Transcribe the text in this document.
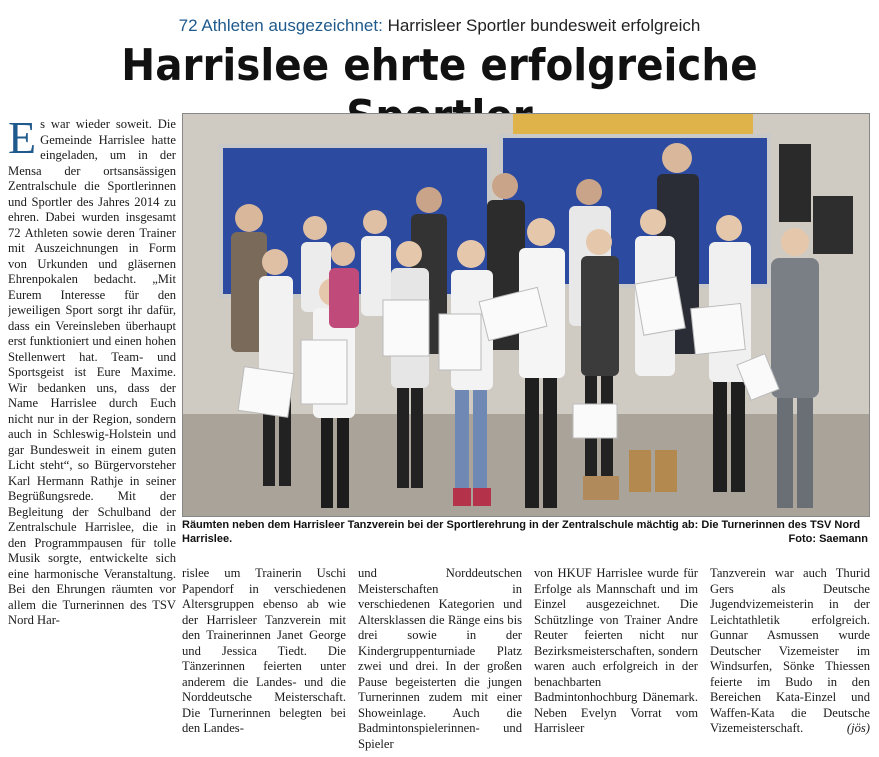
72 Athleten ausgezeichnet: Harrisleer Sportler bundesweit erfolgreich
Harrislee ehrte erfolgreiche
E s war wieder soweit. Die Gemeinde Harrislee hatte eingeladen, um in der Mensa der ortsansässigen Zentralschule die Sportlerinnen und Sportler des Jahres 2014 zu ehren. Dabei wurden insgesamt 72 Athleten sowie deren Trainer mit Auszeichnungen in Form von Urkunden und gläsernen Ehrenpokalen bedacht. „Mit Eurem Interesse für den jeweiligen Sport sorgt ihr dafür, dass ein Vereinsleben überhaupt erst funktioniert und einen hohen Stellenwert hat. Team- und Sportsgeist ist Eure Maxime. Wir bedanken uns, dass der Name Harrislee durch Euch nicht nur in der Region, sondern auch in Schleswig-Holstein und gar Bundesweit in einem guten Licht steht“, so Bürgervorsteher Karl Hermann Rathje in seiner Begrüßungsrede. Mit der Begleitung der Schulband der Zentralschule Harrislee, die in den Programmpausen für tolle Musik sorgte, entwickelte sich eine harmonische Veranstaltung. Bei den Ehrungen räumten vor allem die Turnerinnen des TSV Nord Har-
Räumten neben dem Harrisleer Tanzverein bei der Sportlerehrung in der Zentralschule mächtig ab: Die Turnerinnen des TSV Nord Harrislee.	Foto: Saemann
rislee um Trainerin Uschi Papendorf in verschiedenen Altersgruppen ebenso ab wie der Harrisleer Tanzverein mit den Trainerinnen Janet George und Jessica Tiedt. Die Tänzerinnen feierten unter anderem die Landes- und die Norddeutsche Meisterschaft. Die Turnerinnen belegten bei den Landes-
und Norddeutschen Meisterschaften in verschiedenen Kategorien und Altersklassen die Ränge eins bis drei sowie in der Kindergruppenturniade Platz zwei und drei. In der großen Pause begeisterten die jungen Turnerinnen zudem mit einer Showeinlage. Auch die Badmintonspielerinnen- und Spieler
von HKUF Harrislee wurde für Erfolge als Mannschaft und im Einzel ausgezeichnet. Die Schützlinge von Trainer Andre Reuter feierten nicht nur Bezirksmeisterschaften, sondern waren auch erfolgreich in der benachbarten Badmintonhochburg Dänemark. Neben Evelyn Vorrat vom Harrisleer
Tanzverein war auch Thurid Gers als Deutsche Jugendvizemeisterin in der Leichtathletik erfolgreich. Gunnar Asmussen wurde Deutscher Vizemeister im Windsurfen, Sönke Thiessen feierte im Budo in den Bereichen Kata-Einzel und Waffen-Kata die Deutsche Vizemeisterschaft.	(jös)
